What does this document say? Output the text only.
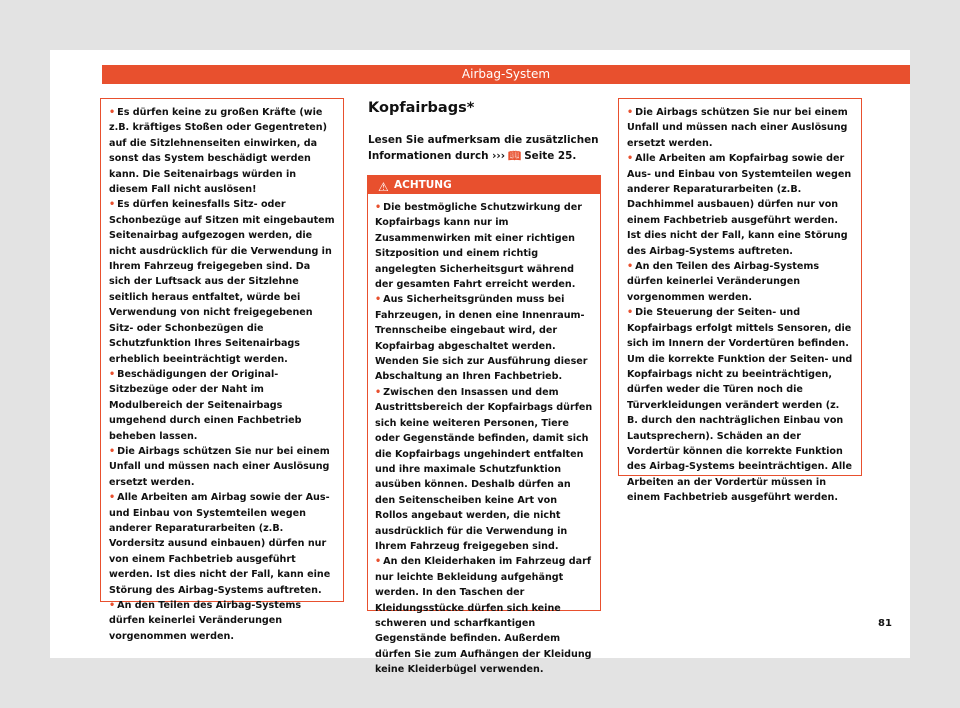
Airbag-System

• Es dürfen keine zu großen Kräfte (wie z.B. kräftiges Stoßen oder Gegentreten) auf die Sitzlehnenseiten einwirken, da sonst das System beschädigt werden kann. Die Seitenairbags würden in diesem Fall nicht auslösen!

• Es dürfen keinesfalls Sitz- oder Schonbezüge auf Sitzen mit eingebautem Seitenairbag aufgezogen werden, die nicht ausdrücklich für die Verwendung in Ihrem Fahrzeug freigegeben sind. Da sich der Luftsack aus der Sitzlehne seitlich heraus entfaltet, würde bei Verwendung von nicht freigegebenen Sitz- oder Schonbezügen die Schutzfunktion Ihres Seitenairbags erheblich beeinträchtigt werden.

• Beschädigungen der Original-Sitzbezüge oder der Naht im Modulbereich der Seitenairbags umgehend durch einen Fachbetrieb beheben lassen.

• Die Airbags schützen Sie nur bei einem Unfall und müssen nach einer Auslösung ersetzt werden.

• Alle Arbeiten am Airbag sowie der Aus- und Einbau von Systemteilen wegen anderer Reparaturarbeiten (z.B. Vordersitz ausund einbauen) dürfen nur von einem Fachbetrieb ausgeführt werden. Ist dies nicht der Fall, kann eine Störung des Airbag-Systems auftreten.

• An den Teilen des Airbag-Systems dürfen keinerlei Veränderungen vorgenommen werden.

Kopfairbags*
Lesen Sie aufmerksam die zusätzlichen Informationen durch ››› 📖︎ Seite 25.
⚠︎ ACHTUNG

• Die bestmögliche Schutzwirkung der Kopfairbags kann nur im Zusammenwirken mit einer richtigen Sitzposition und einem richtig angelegten Sicherheitsgurt während der gesamten Fahrt erreicht werden.

• Aus Sicherheitsgründen muss bei Fahrzeugen, in denen eine Innenraum-Trennscheibe eingebaut wird, der Kopfairbag abgeschaltet werden. Wenden Sie sich zur Ausführung dieser Abschaltung an Ihren Fachbetrieb.

• Zwischen den Insassen und dem Austrittsbereich der Kopfairbags dürfen sich keine weiteren Personen, Tiere oder Gegenstände befinden, damit sich die Kopfairbags ungehindert entfalten und ihre maximale Schutzfunktion ausüben können. Deshalb dürfen an den Seitenscheiben keine Art von Rollos angebaut werden, die nicht ausdrücklich für die Verwendung in Ihrem Fahrzeug freigegeben sind.

• An den Kleiderhaken im Fahrzeug darf nur leichte Bekleidung aufgehängt werden. In den Taschen der Kleidungsstücke dürfen sich keine schweren und scharfkantigen Gegenstände befinden. Außerdem dürfen Sie zum Aufhängen der Kleidung keine Kleiderbügel verwenden.

• Die Airbags schützen Sie nur bei einem Unfall und müssen nach einer Auslösung ersetzt werden.

• Alle Arbeiten am Kopfairbag sowie der Aus- und Einbau von Systemteilen wegen anderer Reparaturarbeiten (z.B. Dachhimmel ausbauen) dürfen nur von einem Fachbetrieb ausgeführt werden. Ist dies nicht der Fall, kann eine Störung des Airbag-Systems auftreten.

• An den Teilen des Airbag-Systems dürfen keinerlei Veränderungen vorgenommen werden.

• Die Steuerung der Seiten- und Kopfairbags erfolgt mittels Sensoren, die sich im Innern der Vordertüren befinden. Um die korrekte Funktion der Seiten- und Kopfairbags nicht zu beeinträchtigen, dürfen weder die Türen noch die Türverkleidungen verändert werden (z. B. durch den nachträglichen Einbau von Lautsprechern). Schäden an der Vordertür können die korrekte Funktion des Airbag-Systems beeinträchtigen. Alle Arbeiten an der Vordertür müssen in einem Fachbetrieb ausgeführt werden.

81
